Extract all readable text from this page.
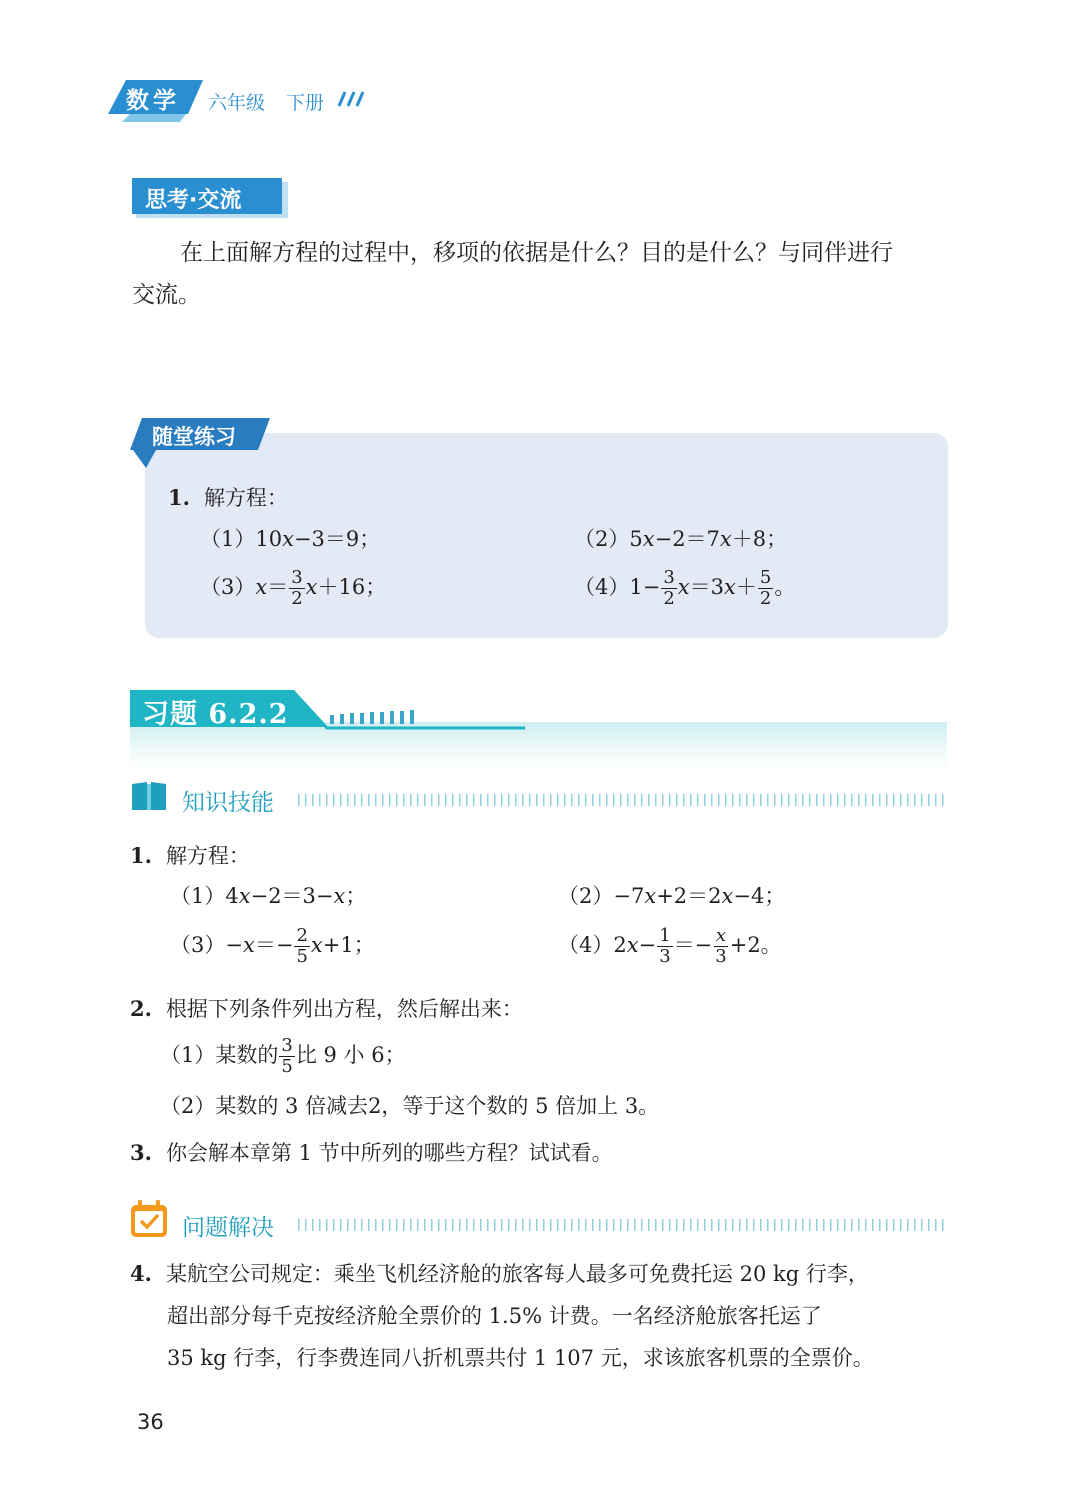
数学 六年级 下册
思考·交流
在上面解方程的过程中，移项的依据是什么？目的是什么？与同伴进行
交流。
随堂练习
1. 解方程：
（1）10x−3＝9；	（2）5x−2＝7x＋8；
$(3)x= \frac{3}{2} x+16$；	$(4)1- \frac{3}{2} x=3x+ \frac{5}{2}$ 。
习题 6.2.2
知识技能
1. 解方程：
（1）4x−2＝3−x；	（2）−7x+2＝2x−4；
$(3)-x=- \frac{2}{5} x+1$；	$(4)2x- \frac{1}{3} =- \frac{x}{3} +2$。
2. 根据下列条件列出方程，然后解出来：
（1）某数的 $\frac{3}{5}$ 比 9 小 6；
（2）某数的 3 倍减去2，等于这个数的 5 倍加上 3。
3. 你会解本章第 1 节中所列的哪些方程？试试看。
问题解决
4. 某航空公司规定：乘坐飞机经济舱的旅客每人最多可免费托运 20 kg 行李，
超出部分每千克按经济舱全票价的 1.5% 计费。一名经济舱旅客托运了
35 kg 行李，行李费连同八折机票共付 1 107 元，求该旅客机票的全票价。
36
